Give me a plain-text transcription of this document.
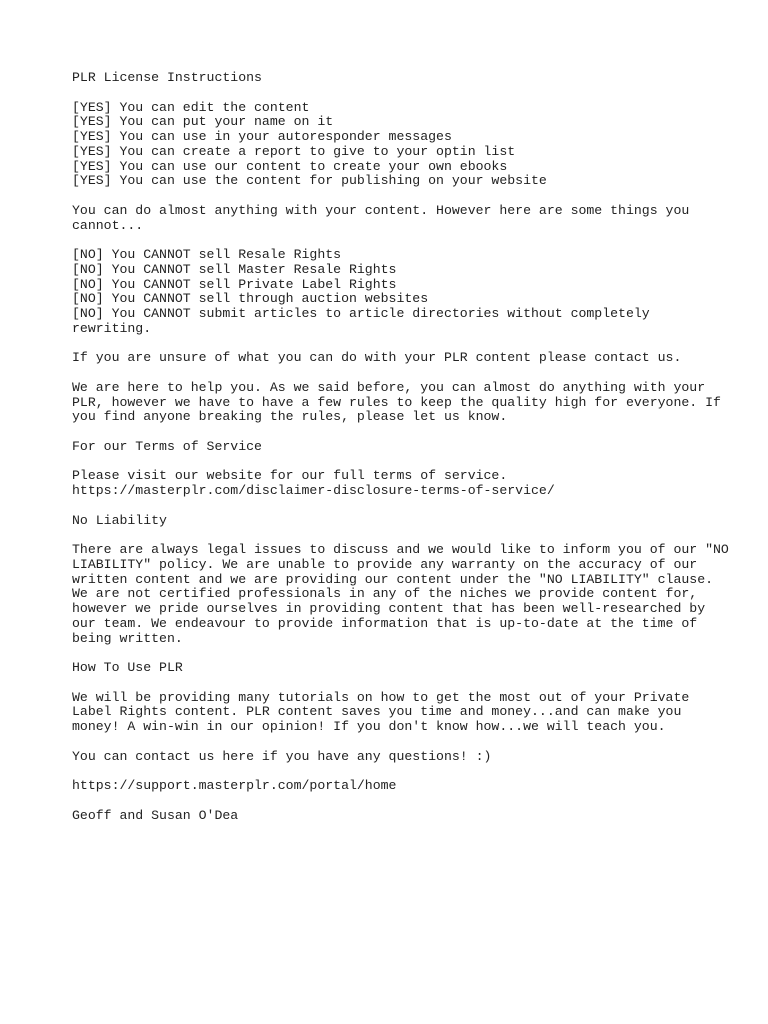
PLR License Instructions
[YES] You can edit the content
[YES] You can put your name on it
[YES] You can use in your autoresponder messages
[YES] You can create a report to give to your optin list
[YES] You can use our content to create your own ebooks
[YES] You can use the content for publishing on your website
You can do almost anything with your content. However here are some things you
cannot...
[NO] You CANNOT sell Resale Rights
[NO] You CANNOT sell Master Resale Rights
[NO] You CANNOT sell Private Label Rights
[NO] You CANNOT sell through auction websites
[NO] You CANNOT submit articles to article directories without completely
rewriting.
If you are unsure of what you can do with your PLR content please contact us.
We are here to help you. As we said before, you can almost do anything with your
PLR, however we have to have a few rules to keep the quality high for everyone. If
you find anyone breaking the rules, please let us know.
For our Terms of Service
Please visit our website for our full terms of service.
https://masterplr.com/disclaimer-disclosure-terms-of-service/
No Liability
There are always legal issues to discuss and we would like to inform you of our "NO
LIABILITY" policy. We are unable to provide any warranty on the accuracy of our
written content and we are providing our content under the "NO LIABILITY" clause.
We are not certified professionals in any of the niches we provide content for,
however we pride ourselves in providing content that has been well-researched by
our team. We endeavour to provide information that is up-to-date at the time of
being written.
How To Use PLR
We will be providing many tutorials on how to get the most out of your Private
Label Rights content. PLR content saves you time and money...and can make you
money! A win-win in our opinion! If you don't know how...we will teach you.
You can contact us here if you have any questions! :)
https://support.masterplr.com/portal/home
Geoff and Susan O'Dea
